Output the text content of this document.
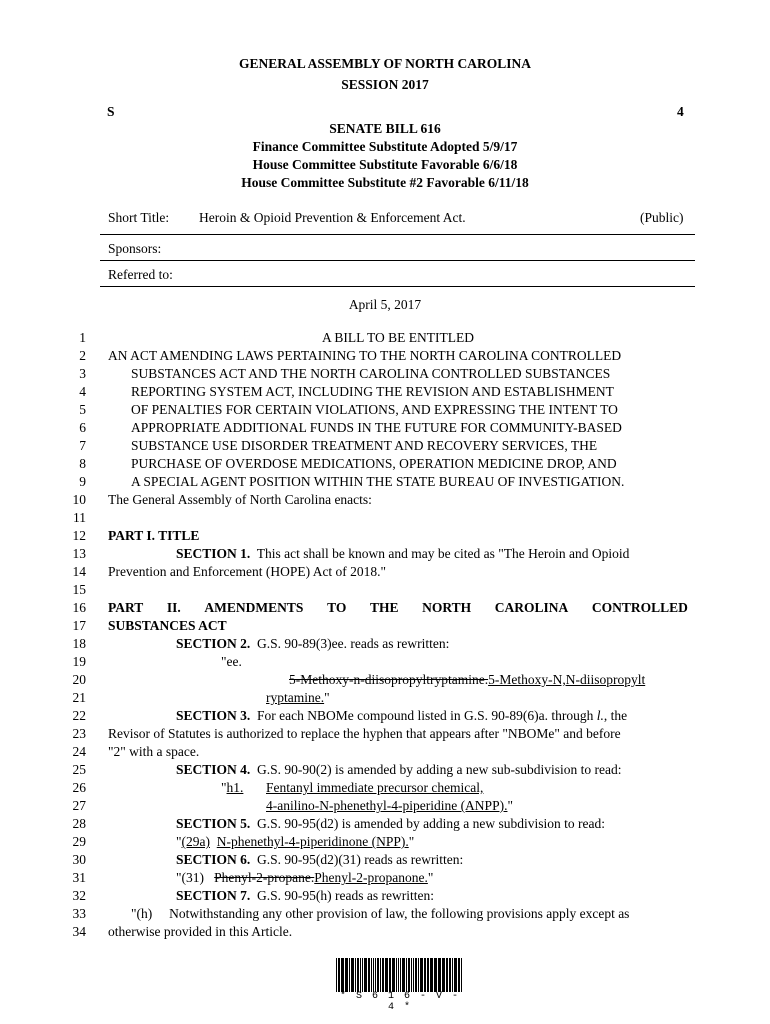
GENERAL ASSEMBLY OF NORTH CAROLINA
SESSION 2017
S	4
SENATE BILL 616
Finance Committee Substitute Adopted 5/9/17
House Committee Substitute Favorable 6/6/18
House Committee Substitute #2 Favorable 6/11/18
Short Title: Heroin & Opioid Prevention & Enforcement Act.	(Public)
Sponsors:
Referred to:
April 5, 2017
1
2
3
4
5
6
7
8
9
10
11
12
13
14
15
16
17
18
19
20
21
22
23
24
25
26
27
28
29
30
31
32
33
34
A BILL TO BE ENTITLED
AN ACT AMENDING LAWS PERTAINING TO THE NORTH CAROLINA CONTROLLED
SUBSTANCES ACT AND THE NORTH CAROLINA CONTROLLED SUBSTANCES
REPORTING SYSTEM ACT, INCLUDING THE REVISION AND ESTABLISHMENT
OF PENALTIES FOR CERTAIN VIOLATIONS, AND EXPRESSING THE INTENT TO
APPROPRIATE ADDITIONAL FUNDS IN THE FUTURE FOR COMMUNITY-BASED
SUBSTANCE USE DISORDER TREATMENT AND RECOVERY SERVICES, THE
PURCHASE OF OVERDOSE MEDICATIONS, OPERATION MEDICINE DROP, AND
A SPECIAL AGENT POSITION WITHIN THE STATE BUREAU OF INVESTIGATION.
The General Assembly of North Carolina enacts:
PART I. TITLE
SECTION 1. This act shall be known and may be cited as "The Heroin and Opioid
Prevention and Enforcement (HOPE) Act of 2018."
PART II. AMENDMENTS TO THE NORTH CAROLINA CONTROLLED
SUBSTANCES ACT
SECTION 2. G.S. 90-89(3)ee. reads as rewritten:
"ee.
5-Methoxy-n-diisopropyltryptamine.5-Methoxy-N,N-diisopropylt
ryptamine."
SECTION 3. For each NBOMe compound listed in G.S. 90-89(6)a. through l., the
Revisor of Statutes is authorized to replace the hyphen that appears after "NBOMe" and before
"2" with a space.
SECTION 4. G.S. 90-90(2) is amended by adding a new sub-subdivision to read:
"h1. Fentanyl immediate precursor chemical,
4-anilino-N-phenethyl-4-piperidine (ANPP)."
SECTION 5. G.S. 90-95(d2) is amended by adding a new subdivision to read:
"(29a) N-phenethyl-4-piperidinone (NPP)."
SECTION 6. G.S. 90-95(d2)(31) reads as rewritten:
"(31) Phenyl-2-propane.Phenyl-2-propanone."
SECTION 7. G.S. 90-95(h) reads as rewritten:
"(h) Notwithstanding any other provision of law, the following provisions apply except as
otherwise provided in this Article.
* S 6 1 6 - V - 4 *
